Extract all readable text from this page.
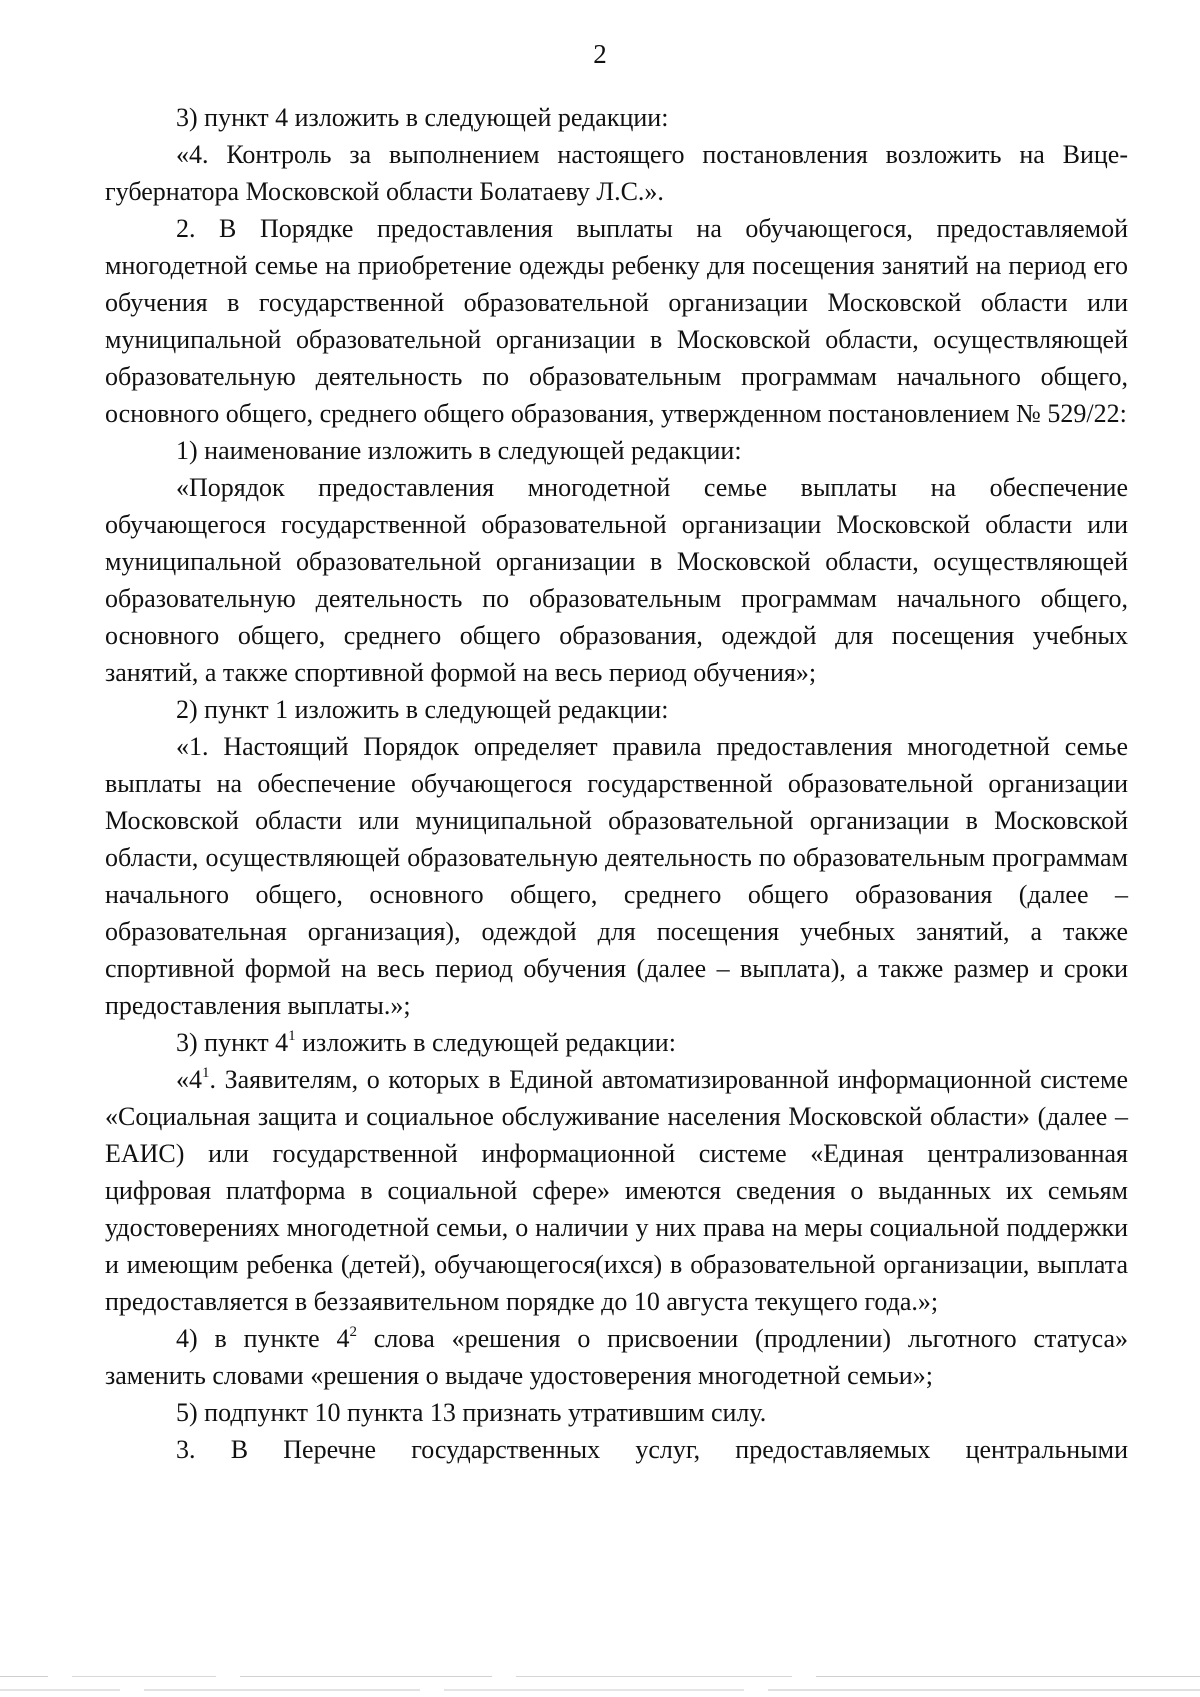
2

3) пункт 4 изложить в следующей редакции:

«4. Контроль за выполнением настоящего постановления возложить на Вице-губернатора Московской области Болатаеву Л.С.».

2. В Порядке предоставления выплаты на обучающегося, предоставляемой многодетной семье на приобретение одежды ребенку для посещения занятий на период его обучения в государственной образовательной организации Московской области или муниципальной образовательной организации в Московской области, осуществляющей образовательную деятельность по образовательным программам начального общего, основного общего, среднего общего образования, утвержденном постановлением № 529/22:

1) наименование изложить в следующей редакции:

«Порядок предоставления многодетной семье выплаты на обеспечение обучающегося государственной образовательной организации Московской области или муниципальной образовательной организации в Московской области, осуществляющей образовательную деятельность по образовательным программам начального общего, основного общего, среднего общего образования, одеждой для посещения учебных занятий, а также спортивной формой на весь период обучения»;

2) пункт 1 изложить в следующей редакции:

«1. Настоящий Порядок определяет правила предоставления многодетной семье выплаты на обеспечение обучающегося государственной образовательной организации Московской области или муниципальной образовательной организации в Московской области, осуществляющей образовательную деятельность по образовательным программам начального общего, основного общего, среднего общего образования (далее – образовательная организация), одеждой для посещения учебных занятий, а также спортивной формой на весь период обучения (далее – выплата), а также размер и сроки предоставления выплаты.»;

3) пункт $4^1$ изложить в следующей редакции:

«$4^1$. Заявителям, о которых в Единой автоматизированной информационной системе «Социальная защита и социальное обслуживание населения Московской области» (далее – ЕАИС) или государственной информационной системе «Единая централизованная цифровая платформа в социальной сфере» имеются сведения о выданных их семьям удостоверениях многодетной семьи, о наличии у них права на меры социальной поддержки и имеющим ребенка (детей), обучающегося(ихся) в образовательной организации, выплата предоставляется в беззаявительном порядке до 10 августа текущего года.»;

4) в пункте $4^2$ слова «решения о присвоении (продлении) льготного статуса» заменить словами «решения о выдаче удостоверения многодетной семьи»;

5) подпункт 10 пункта 13 признать утратившим силу.

3. В Перечне государственных услуг, предоставляемых центральными
